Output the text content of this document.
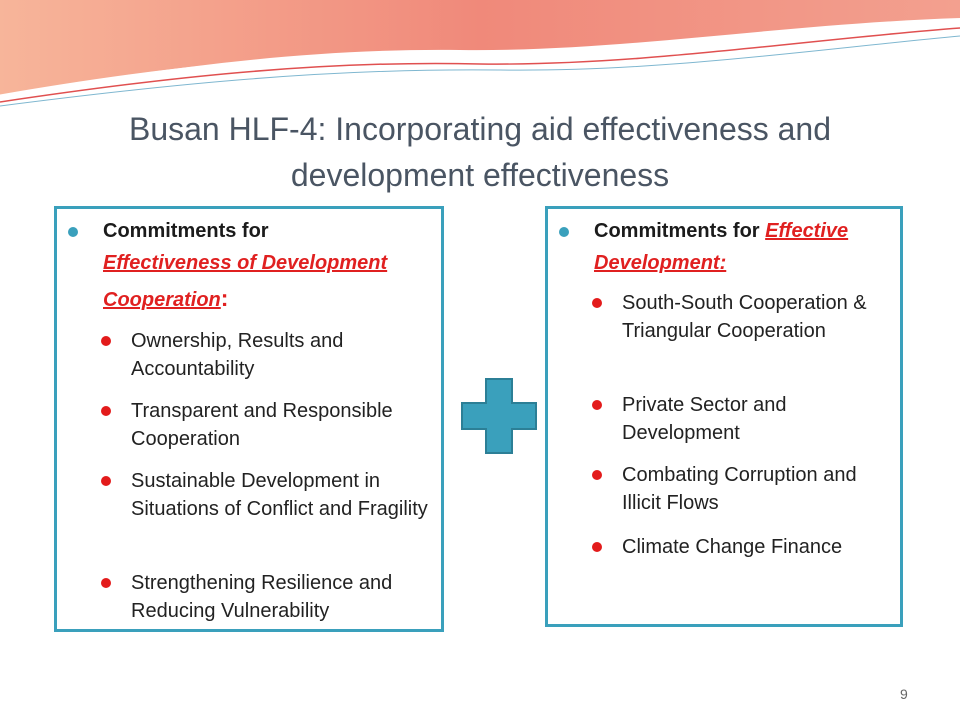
Busan HLF-4: Incorporating aid effectiveness and
development effectiveness
Commitments for
Effectiveness of Development
Cooperation:
Ownership, Results and Accountability
Transparent and Responsible Cooperation
Sustainable Development in Situations of Conflict and Fragility
Strengthening Resilience and Reducing Vulnerability
Commitments for Effective
Development:
South-South Cooperation & Triangular Cooperation
Private Sector and Development
Combating Corruption and Illicit Flows
Climate Change Finance
9
